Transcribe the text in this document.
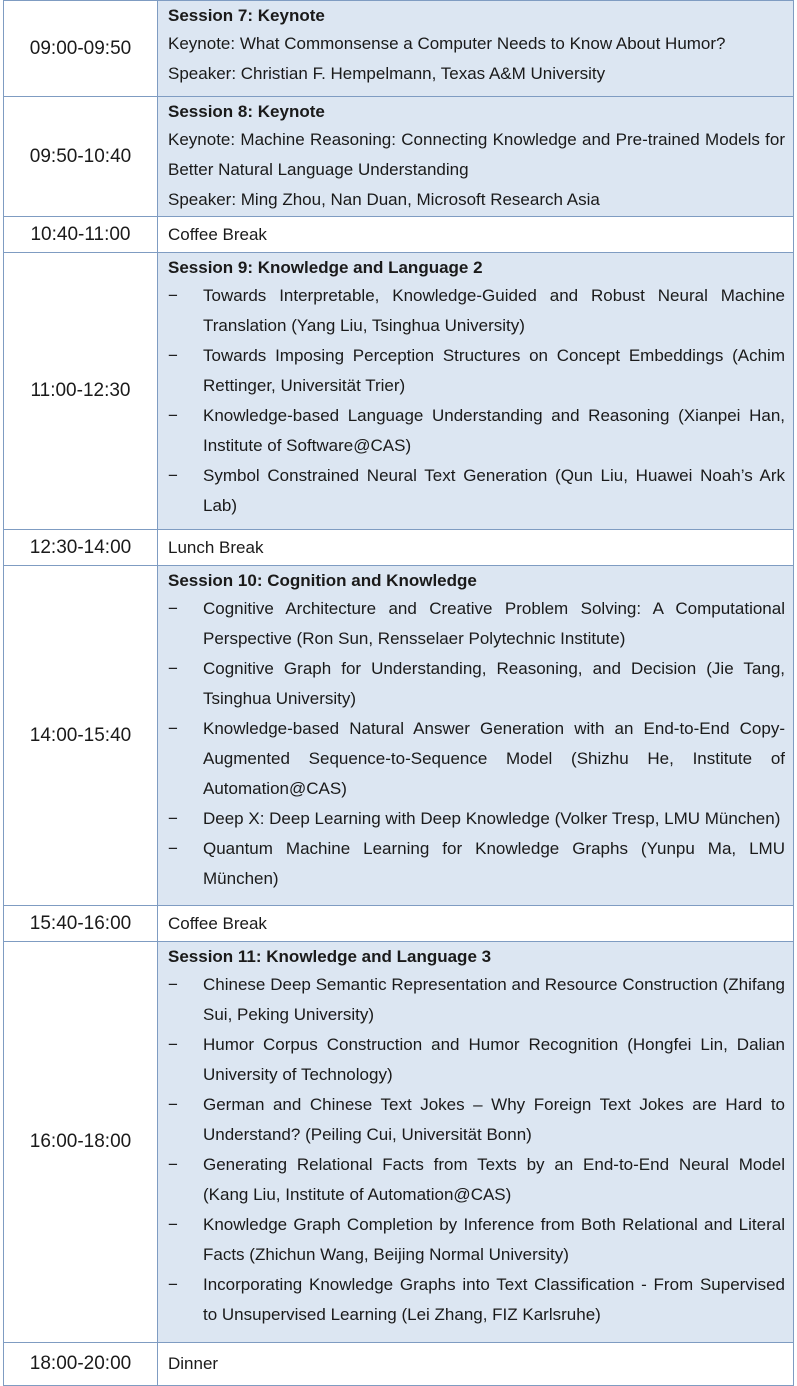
09:00-09:50
Session 7: Keynote
Keynote: What Commonsense a Computer Needs to Know About Humor?
Speaker: Christian F. Hempelmann, Texas A&M University
09:50-10:40
Session 8: Keynote
Keynote: Machine Reasoning: Connecting Knowledge and Pre-trained Models for Better Natural Language Understanding
Speaker: Ming Zhou, Nan Duan, Microsoft Research Asia
10:40-11:00	Coffee Break
11:00-12:30
Session 9: Knowledge and Language 2
−	Towards Interpretable, Knowledge-Guided and Robust Neural Machine Translation (Yang Liu, Tsinghua University)
−	Towards Imposing Perception Structures on Concept Embeddings (Achim Rettinger, Universität Trier)
−	Knowledge-based Language Understanding and Reasoning (Xianpei Han, Institute of Software@CAS)
−	Symbol Constrained Neural Text Generation (Qun Liu, Huawei Noah’s Ark Lab)
12:30-14:00	Lunch Break
14:00-15:40
Session 10: Cognition and Knowledge
−	Cognitive Architecture and Creative Problem Solving: A Computational Perspective (Ron Sun, Rensselaer Polytechnic Institute)
−	Cognitive Graph for Understanding, Reasoning, and Decision (Jie Tang, Tsinghua University)
−	Knowledge-based Natural Answer Generation with an End-to-End Copy-Augmented Sequence-to-Sequence Model (Shizhu He, Institute of Automation@CAS)
−	Deep X: Deep Learning with Deep Knowledge (Volker Tresp, LMU München)
−	Quantum Machine Learning for Knowledge Graphs (Yunpu Ma, LMU München)
15:40-16:00	Coffee Break
16:00-18:00
Session 11: Knowledge and Language 3
−	Chinese Deep Semantic Representation and Resource Construction (Zhifang Sui, Peking University)
−	Humor Corpus Construction and Humor Recognition (Hongfei Lin, Dalian University of Technology)
−	German and Chinese Text Jokes – Why Foreign Text Jokes are Hard to Understand? (Peiling Cui, Universität Bonn)
−	Generating Relational Facts from Texts by an End-to-End Neural Model (Kang Liu, Institute of Automation@CAS)
−	Knowledge Graph Completion by Inference from Both Relational and Literal Facts (Zhichun Wang, Beijing Normal University)
−	Incorporating Knowledge Graphs into Text Classification - From Supervised to Unsupervised Learning (Lei Zhang, FIZ Karlsruhe)
18:00-20:00	Dinner
